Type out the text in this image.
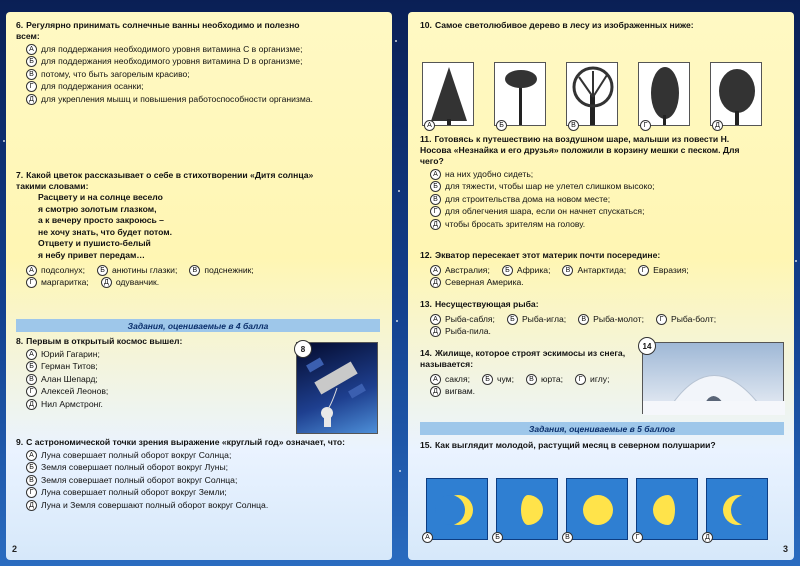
6. Регулярно принимать солнечные ванны необходимо и полезно всем:
А для поддержания необходимого уровня витамина С в организме;
Б для поддержания необходимого уровня витамина D в организме;
В потому, что быть загорелым красиво;
Г для поддержания осанки;
Д для укрепления мышц и повышения работоспособности организма.
7. Какой цветок рассказывает о себе в стихотворении «Дитя солнца» такими словами:
Расцвету и на солнце весело
я смотрю золотым глазком,
а к вечеру просто закроюсь –
не хочу знать, что будет потом.
Отцвету и пушисто-белый
я небу привет передам…
А подсолнух;	Б анютины глазки;	В подснежник;
Г маргаритка;	Д одуванчик.
Задания, оцениваемые в 4 балла
8. Первым в открытый космос вышел:
А Юрий Гагарин;
Б Герман Титов;
В Алан Шепард;
Г Алексей Леонов;
Д Нил Армстронг.
8
9. С астрономической точки зрения выражение «круглый год» означает, что:
А Луна совершает полный оборот вокруг Солнца;
Б Земля совершает полный оборот вокруг Луны;
В Земля совершает полный оборот вокруг Солнца;
Г Луна совершает полный оборот вокруг Земли;
Д Луна и Земля совершают полный оборот вокруг Солнца.
2
10. Самое светолюбивое дерево в лесу из изображенных ниже:
А	Б	В	Г	Д
11. Готовясь к путешествию на воздушном шаре, малыши из повести Н. Носова «Незнайка и его друзья» положили в корзину мешки с песком. Для чего?
А на них удобно сидеть;
Б для тяжести, чтобы шар не улетел слишком высоко;
В для строительства дома на новом месте;
Г для облегчения шара, если он начнет спускаться;
Д чтобы бросать зрителям на голову.
12. Экватор пересекает этот материк почти посередине:
А Австралия;	Б Африка;	В Антарктида;	Г Евразия;
Д Северная Америка.
13. Несуществующая рыба:
А Рыба-сабля;	Б Рыба-игла;	В Рыба-молот;	Г Рыба-болт;
Д Рыба-пила.
14. Жилище, которое строят эскимосы из снега, называется:
А сакля;	Б чум;	В юрта;	Г иглу;
Д вигвам.
14
Задания, оцениваемые в 5 баллов
15. Как выглядит молодой, растущий месяц в северном полушарии?
А	Б	В	Г	Д
3
